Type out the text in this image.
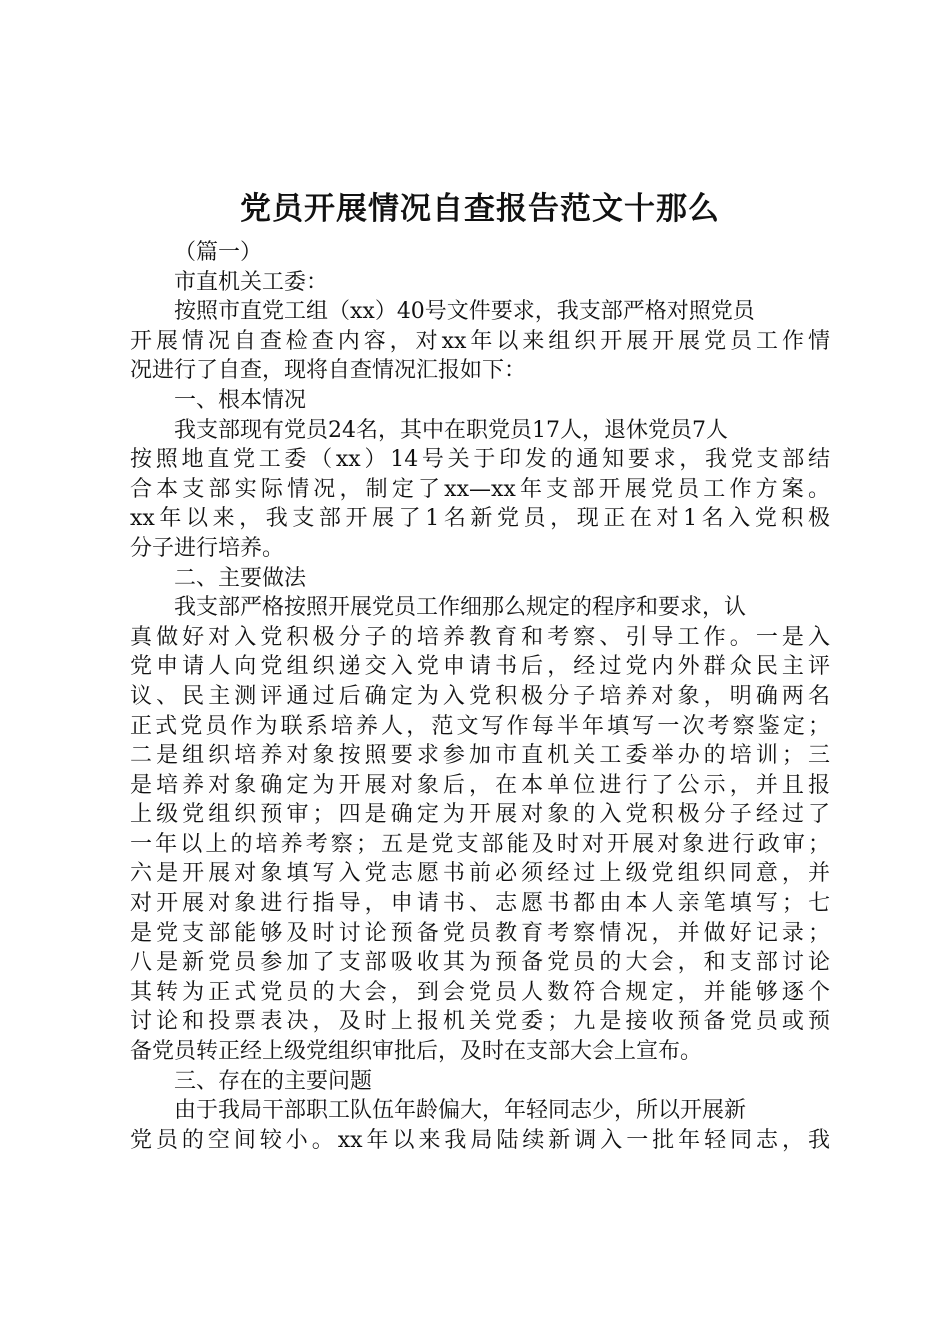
党员开展情况自查报告范文十那么

（篇一）

市直机关工委：

按照市直党工组（xx）40号文件要求，我支部严格对照党员

开展情况自查检查内容，对xx年以来组织开展开展党员工作情

况进行了自查，现将自查情况汇报如下：

一、根本情况

我支部现有党员24名，其中在职党员17人，退休党员7人

按照地直党工委（xx）14号关于印发的通知要求，我党支部结

合本支部实际情况，制定了xx—xx年支部开展党员工作方案。

xx年以来，我支部开展了1名新党员，现正在对1名入党积极

分子进行培养。

二、主要做法

我支部严格按照开展党员工作细那么规定的程序和要求，认

真做好对入党积极分子的培养教育和考察、引导工作。一是入

党申请人向党组织递交入党申请书后，经过党内外群众民主评

议、民主测评通过后确定为入党积极分子培养对象，明确两名

正式党员作为联系培养人，范文写作每半年填写一次考察鉴定；

二是组织培养对象按照要求参加市直机关工委举办的培训；三

是培养对象确定为开展对象后，在本单位进行了公示，并且报

上级党组织预审；四是确定为开展对象的入党积极分子经过了

一年以上的培养考察；五是党支部能及时对开展对象进行政审；

六是开展对象填写入党志愿书前必须经过上级党组织同意，并

对开展对象进行指导，申请书、志愿书都由本人亲笔填写；七

是党支部能够及时讨论预备党员教育考察情况，并做好记录；

八是新党员参加了支部吸收其为预备党员的大会，和支部讨论

其转为正式党员的大会，到会党员人数符合规定，并能够逐个

讨论和投票表决，及时上报机关党委；九是接收预备党员或预

备党员转正经上级党组织审批后，及时在支部大会上宣布。

三、存在的主要问题

由于我局干部职工队伍年龄偏大，年轻同志少，所以开展新

党员的空间较小。xx年以来我局陆续新调入一批年轻同志，我
